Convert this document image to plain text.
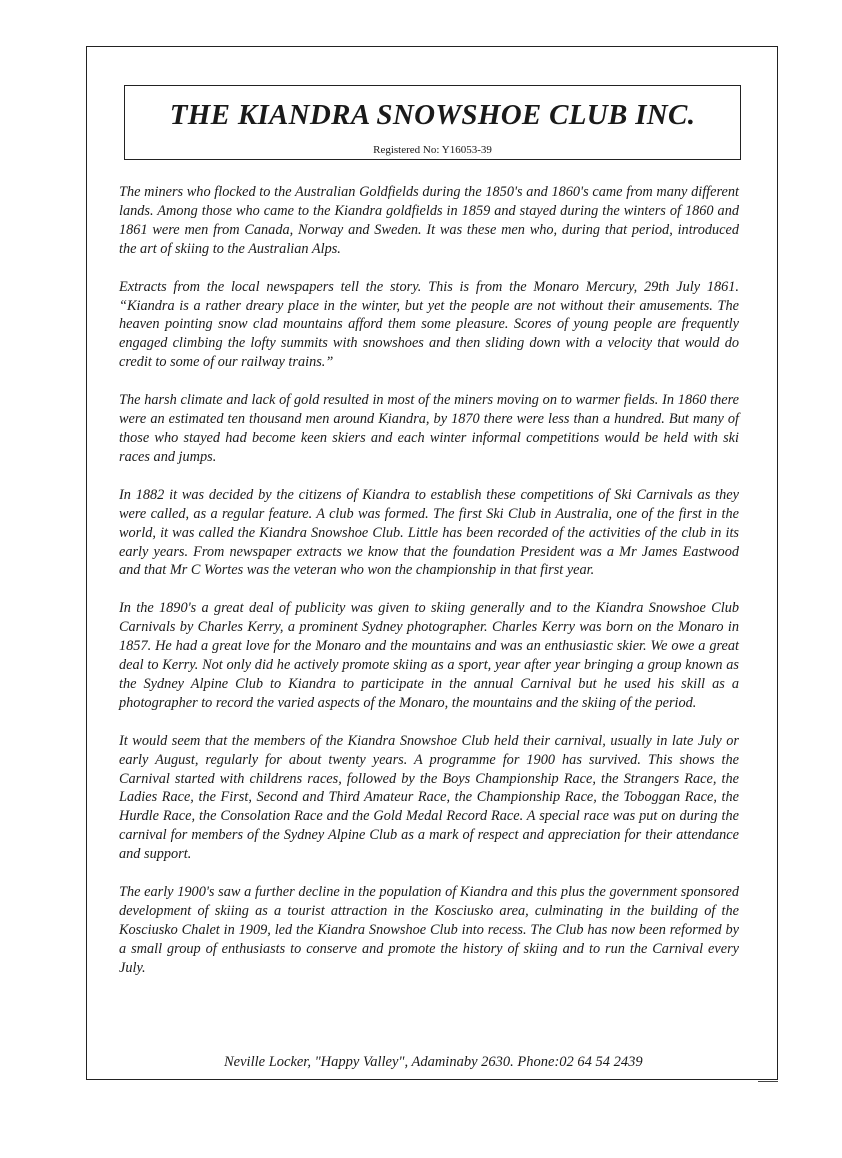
THE KIANDRA SNOWSHOE CLUB INC.

Registered No: Y16053-39

The miners who flocked to the Australian Goldfields during the 1850's and 1860's came from many different lands. Among those who came to the Kiandra goldfields in 1859 and stayed during the winters of 1860 and 1861 were men from Canada, Norway and Sweden. It was these men who, during that period, introduced the art of skiing to the Australian Alps.

Extracts from the local newspapers tell the story. This is from the Monaro Mercury, 29th July 1861. “Kiandra is a rather dreary place in the winter, but yet the people are not without their amusements. The heaven pointing snow clad mountains afford them some pleasure. Scores of young people are frequently engaged climbing the lofty summits with snowshoes and then sliding down with a velocity that would do credit to some of our railway trains.”

The harsh climate and lack of gold resulted in most of the miners moving on to warmer fields. In 1860 there were an estimated ten thousand men around Kiandra, by 1870 there were less than a hundred. But many of those who stayed had become keen skiers and each winter informal competitions would be held with ski races and jumps.

In 1882 it was decided by the citizens of Kiandra to establish these competitions of Ski Carnivals as they were called, as a regular feature. A club was formed. The first Ski Club in Australia, one of the first in the world, it was called the Kiandra Snowshoe Club. Little has been recorded of the activities of the club in its early years. From newspaper extracts we know that the foundation President was a Mr James Eastwood and that Mr C Wortes was the veteran who won the championship in that first year.

In the 1890's a great deal of publicity was given to skiing generally and to the Kiandra Snowshoe Club Carnivals by Charles Kerry, a prominent Sydney photographer. Charles Kerry was born on the Monaro in 1857. He had a great love for the Monaro and the mountains and was an enthusiastic skier. We owe a great deal to Kerry. Not only did he actively promote skiing as a sport, year after year bringing a group known as the Sydney Alpine Club to Kiandra to participate in the annual Carnival but he used his skill as a photographer to record the varied aspects of the Monaro, the mountains and the skiing of the period.

It would seem that the members of the Kiandra Snowshoe Club held their carnival, usually in late July or early August, regularly for about twenty years. A programme for 1900 has survived. This shows the Carnival started with childrens races, followed by the Boys Championship Race, the Strangers Race, the Ladies Race, the First, Second and Third Amateur Race, the Championship Race, the Toboggan Race, the Hurdle Race, the Consolation Race and the Gold Medal Record Race. A special race was put on during the carnival for members of the Sydney Alpine Club as a mark of respect and appreciation for their attendance and support.

The early 1900's saw a further decline in the population of Kiandra and this plus the government sponsored development of skiing as a tourist attraction in the Kosciusko area, culminating in the building of the Kosciusko Chalet in 1909, led the Kiandra Snowshoe Club into recess. The Club has now been reformed by a small group of enthusiasts to conserve and promote the history of skiing and to run the Carnival every July.

Neville Locker, "Happy Valley", Adaminaby 2630. Phone:02 64 54 2439
